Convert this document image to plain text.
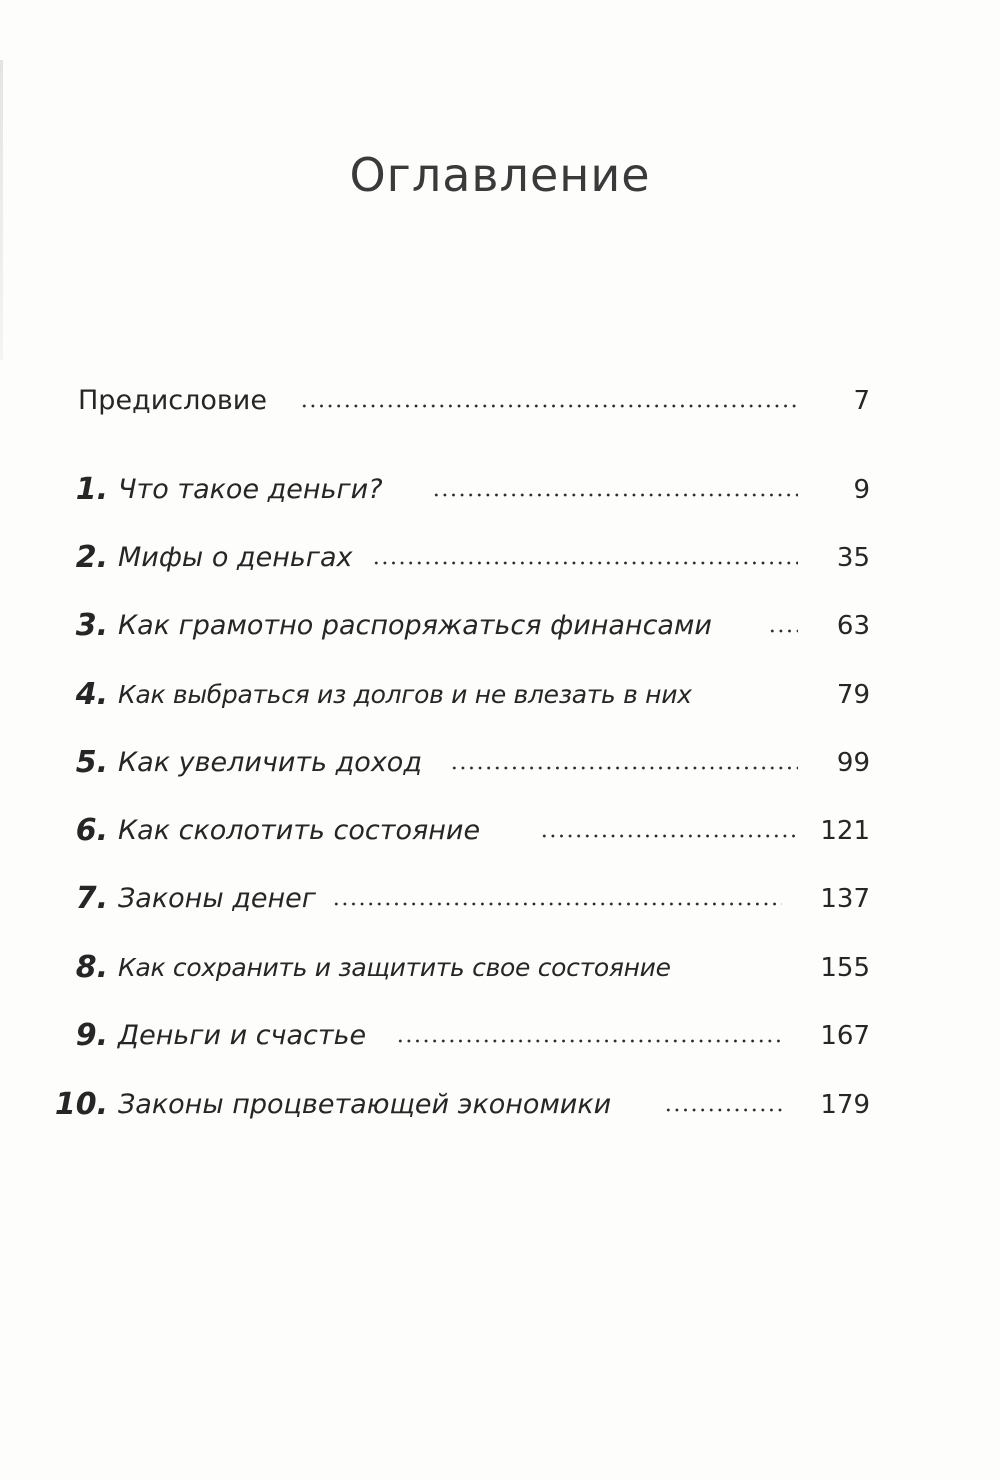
Оглавление
Предисловие	7
1. Что такое деньги?	9
2. Мифы о деньгах	35
3. Как грамотно распоряжаться финансами	63
4. Как выбраться из долгов и не влезать в них	79
5. Как увеличить доход	99
6. Как сколотить состояние	121
7. Законы денег	137
8. Как сохранить и защитить свое состояние	155
9. Деньги и счастье	167
10. Законы процветающей экономики	179
